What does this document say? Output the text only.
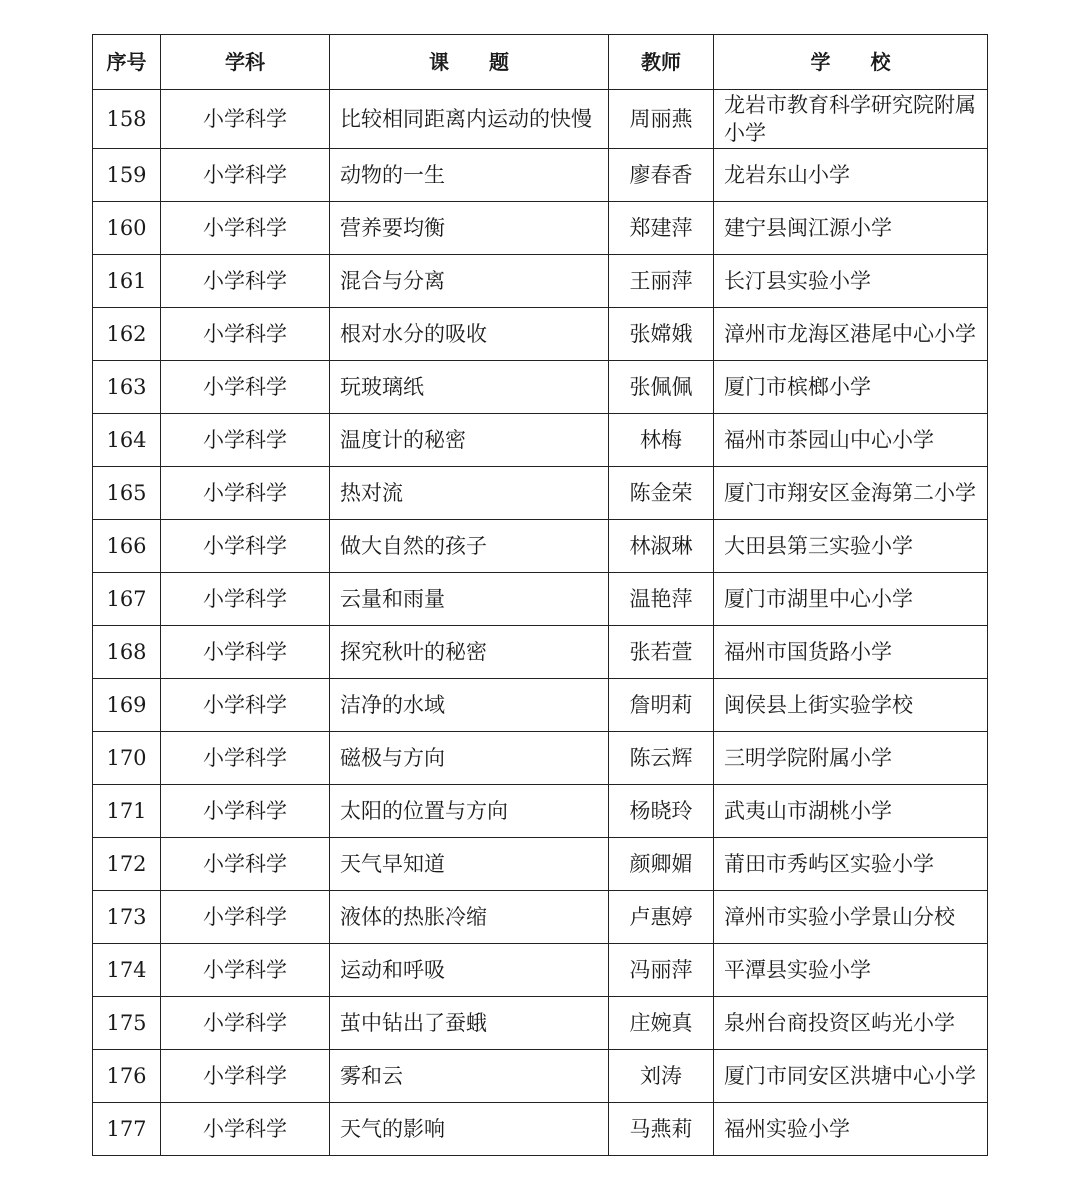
序号	学科	课　　题	教师	学　　校
158	小学科学	比较相同距离内运动的快慢	周丽燕	龙岩市教育科学研究院附属小学
159	小学科学	动物的一生	廖春香	龙岩东山小学
160	小学科学	营养要均衡	郑建萍	建宁县闽江源小学
161	小学科学	混合与分离	王丽萍	长汀县实验小学
162	小学科学	根对水分的吸收	张嫦娥	漳州市龙海区港尾中心小学
163	小学科学	玩玻璃纸	张佩佩	厦门市槟榔小学
164	小学科学	温度计的秘密	林梅	福州市茶园山中心小学
165	小学科学	热对流	陈金荣	厦门市翔安区金海第二小学
166	小学科学	做大自然的孩子	林淑琳	大田县第三实验小学
167	小学科学	云量和雨量	温艳萍	厦门市湖里中心小学
168	小学科学	探究秋叶的秘密	张若萱	福州市国货路小学
169	小学科学	洁净的水域	詹明莉	闽侯县上街实验学校
170	小学科学	磁极与方向	陈云辉	三明学院附属小学
171	小学科学	太阳的位置与方向	杨晓玲	武夷山市湖桃小学
172	小学科学	天气早知道	颜卿媚	莆田市秀屿区实验小学
173	小学科学	液体的热胀冷缩	卢惠婷	漳州市实验小学景山分校
174	小学科学	运动和呼吸	冯丽萍	平潭县实验小学
175	小学科学	茧中钻出了蚕蛾	庄婉真	泉州台商投资区屿光小学
176	小学科学	雾和云	刘涛	厦门市同安区洪塘中心小学
177	小学科学	天气的影响	马燕莉	福州实验小学
